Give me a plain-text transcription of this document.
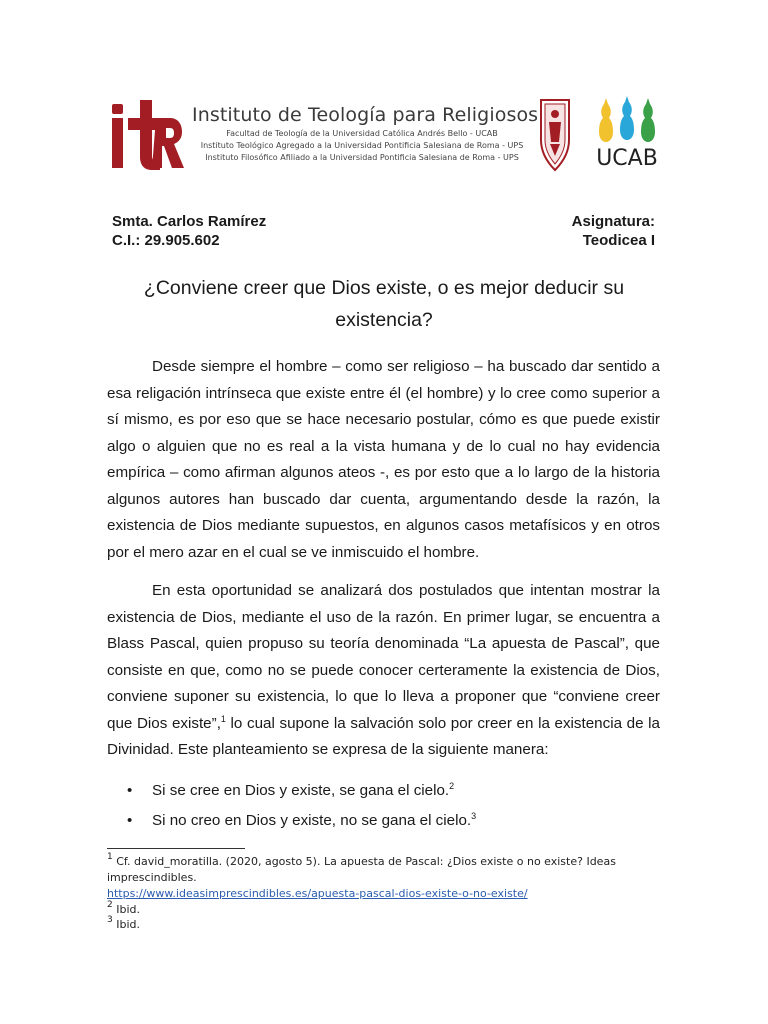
Instituto de Teología para Religiosos
Facultad de Teología de la Universidad Católica Andrés Bello - UCAB
Instituto Teológico Agregado a la Universidad Pontificia Salesiana de Roma - UPS
Instituto Filosófico Afiliado a la Universidad Pontificia Salesiana de Roma - UPS	UCAB
Smta. Carlos Ramírez
C.I.: 29.905.602
Asignatura:
Teodicea I
¿Conviene creer que Dios existe, o es mejor deducir su existencia?

Desde siempre el hombre – como ser religioso – ha buscado dar sentido a esa religación intrínseca que existe entre él (el hombre) y lo cree como superior a sí mismo, es por eso que se hace necesario postular, cómo es que puede existir algo o alguien que no es real a la vista humana y de lo cual no hay evidencia empírica – como afirman algunos ateos -, es por esto que a lo largo de la historia algunos autores han buscado dar cuenta, argumentando desde la razón, la existencia de Dios mediante supuestos, en algunos casos metafísicos y en otros por el mero azar en el cual se ve inmiscuido el hombre.

En esta oportunidad se analizará dos postulados que intentan mostrar la existencia de Dios, mediante el uso de la razón. En primer lugar, se encuentra a Blass Pascal, quien propuso su teoría denominada “La apuesta de Pascal”, que consiste en que, como no se puede conocer certeramente la existencia de Dios, conviene suponer su existencia, lo que lo lleva a proponer que “conviene creer que Dios existe”,$^1$ lo cual supone la salvación solo por creer en la existencia de la Divinidad. Este planteamiento se expresa de la siguiente manera:

• Si se cree en Dios y existe, se gana el cielo.$^2$
• Si no creo en Dios y existe, no se gana el cielo.$^3$
$^1$ Cf. david_moratilla. (2020, agosto 5). La apuesta de Pascal: ¿Dios existe o no existe? Ideas imprescindibles.
https://www.ideasimprescindibles.es/apuesta-pascal-dios-existe-o-no-existe/
$^2$ Ibid.
$^3$ Ibid.
